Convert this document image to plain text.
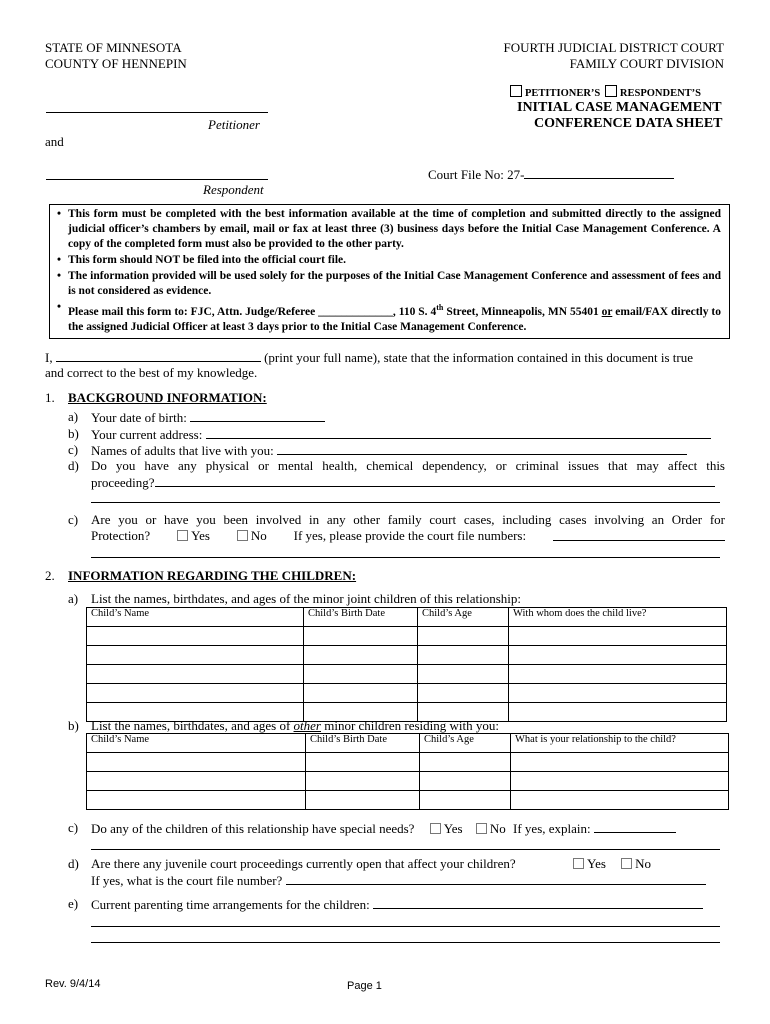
STATE OF MINNESOTA
COUNTY OF HENNEPIN
FOURTH JUDICIAL DISTRICT COURT
FAMILY COURT DIVISION
Petitioner
and
Respondent
PETITIONER’S RESPONDENT’S
INITIAL CASE MANAGEMENT
CONFERENCE DATA SHEET
Court File No: 27-
• This form must be completed with the best information available at the time of completion and submitted directly to the assigned judicial officer’s chambers by email, mail or fax at least three (3) business days before the Initial Case Management Conference. A copy of the completed form must also be provided to the other party.
• This form should NOT be filed into the official court file.
• The information provided will be used solely for the purposes of the Initial Case Management Conference and assessment of fees and is not considered as evidence.
• Please mail this form to: FJC, Attn. Judge/Referee _____________, 110 S. 4th Street, Minneapolis, MN 55401 or email/FAX directly to the assigned Judicial Officer at least 3 days prior to the Initial Case Management Conference.
I,	(print your full name), state that the information contained in this document is true
and correct to the best of my knowledge.
1. BACKGROUND INFORMATION:
a) Your date of birth:
b) Your current address:
c) Names of adults that live with you:
d) Do you have any physical or mental health, chemical dependency, or criminal issues that may affect this
proceeding?
c) Are you or have you been involved in any other family court cases, including cases involving an Order for
Protection?	Yes	No If yes, please provide the court file numbers:
2. INFORMATION REGARDING THE CHILDREN:
a) List the names, birthdates, and ages of the minor joint children of this relationship:
Child’s Name	Child’s Birth Date	Child’s Age	With whom does the child live?

b) List the names, birthdates, and ages of other minor children residing with you:
Child’s Name	Child’s Birth Date	Child’s Age	What is your relationship to the child?

c) Do any of the children of this relationship have special needs? Yes No If yes, explain:
d) Are there any juvenile court proceedings currently open that affect your children?	Yes No
If yes, what is the court file number?
e) Current parenting time arrangements for the children:
Rev. 9/4/14	Page 1
